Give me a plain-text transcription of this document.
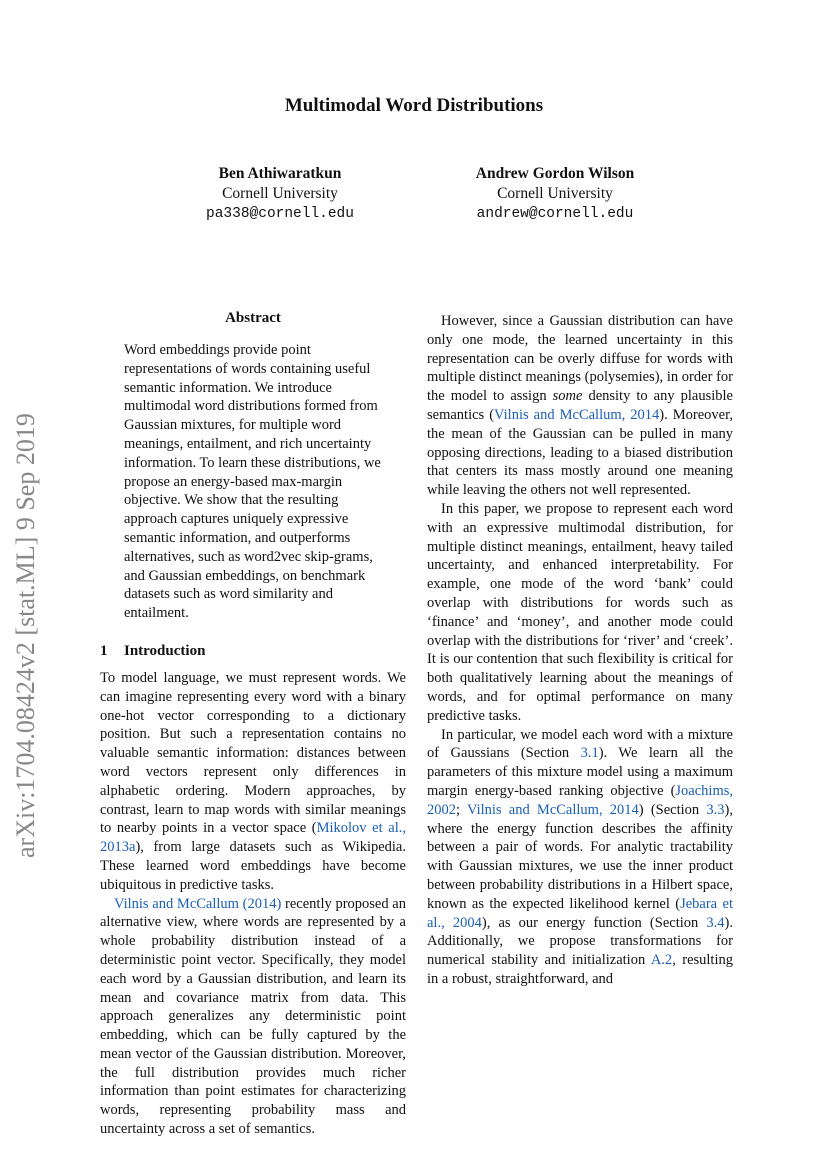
Multimodal Word Distributions
Ben Athiwaratkun
Cornell University
pa338@cornell.edu
Andrew Gordon Wilson
Cornell University
andrew@cornell.edu
arXiv:1704.08424v2 [stat.ML] 9 Sep 2019
Abstract

Word embeddings provide point representations of words containing useful semantic information. We introduce multimodal word distributions formed from Gaussian mixtures, for multiple word meanings, entailment, and rich uncertainty information. To learn these distributions, we propose an energy-based max-margin objective. We show that the resulting approach captures uniquely expressive semantic information, and outperforms alternatives, such as word2vec skip-grams, and Gaussian embeddings, on benchmark datasets such as word similarity and entailment.

1 Introduction

To model language, we must represent words. We can imagine representing every word with a binary one-hot vector corresponding to a dictionary position. But such a representation contains no valuable semantic information: distances between word vectors represent only differences in alphabetic ordering. Modern approaches, by contrast, learn to map words with similar meanings to nearby points in a vector space (Mikolov et al., 2013a), from large datasets such as Wikipedia. These learned word embeddings have become ubiquitous in predictive tasks.

Vilnis and McCallum (2014) recently proposed an alternative view, where words are represented by a whole probability distribution instead of a deterministic point vector. Specifically, they model each word by a Gaussian distribution, and learn its mean and covariance matrix from data. This approach generalizes any deterministic point embedding, which can be fully captured by the mean vector of the Gaussian distribution. Moreover, the full distribution provides much richer information than point estimates for characterizing words, representing probability mass and uncertainty across a set of semantics.

However, since a Gaussian distribution can have only one mode, the learned uncertainty in this representation can be overly diffuse for words with multiple distinct meanings (polysemies), in order for the model to assign some density to any plausible semantics (Vilnis and McCallum, 2014). Moreover, the mean of the Gaussian can be pulled in many opposing directions, leading to a biased distribution that centers its mass mostly around one meaning while leaving the others not well represented.

In this paper, we propose to represent each word with an expressive multimodal distribution, for multiple distinct meanings, entailment, heavy tailed uncertainty, and enhanced interpretability. For example, one mode of the word ‘bank’ could overlap with distributions for words such as ‘finance’ and ‘money’, and another mode could overlap with the distributions for ‘river’ and ‘creek’. It is our contention that such flexibility is critical for both qualitatively learning about the meanings of words, and for optimal performance on many predictive tasks.

In particular, we model each word with a mixture of Gaussians (Section 3.1). We learn all the parameters of this mixture model using a maximum margin energy-based ranking objective (Joachims, 2002; Vilnis and McCallum, 2014) (Section 3.3), where the energy function describes the affinity between a pair of words. For analytic tractability with Gaussian mixtures, we use the inner product between probability distributions in a Hilbert space, known as the expected likelihood kernel (Jebara et al., 2004), as our energy function (Section 3.4). Additionally, we propose transformations for numerical stability and initialization A.2, resulting in a robust, straightforward, and
